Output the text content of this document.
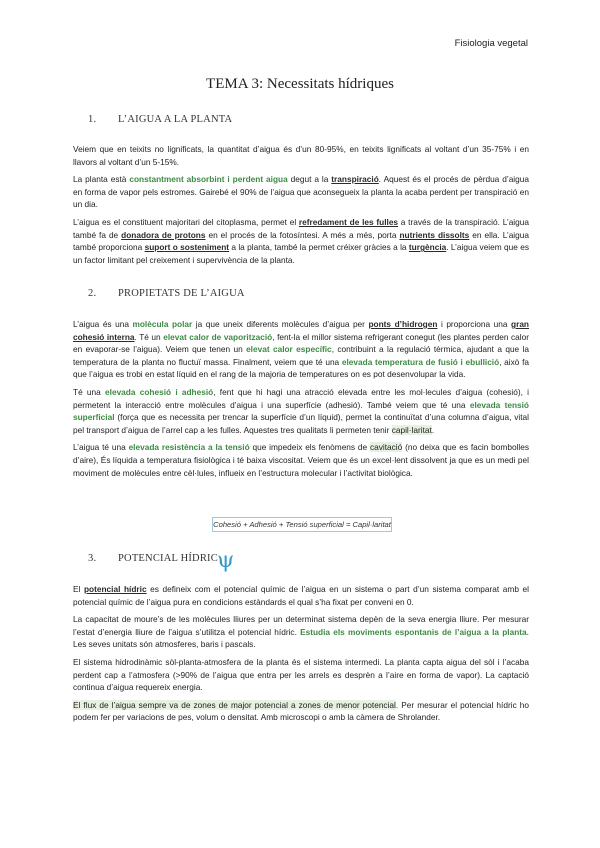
Fisiologia vegetal
TEMA 3: Necessitats hídriques
1. L’AIGUA A LA PLANTA

Veiem que en teixits no lignificats, la quantitat d’aigua és d’un 80-95%, en teixits lignificats al voltant d’un 35-75% i en llavors al voltant d’un 5-15%.

La planta està constantment absorbint i perdent aigua degut a la transpiració. Aquest és el procés de pèrdua d’aigua en forma de vapor pels estromes. Gairebé el 90% de l’aigua que aconsegueix la planta la acaba perdent per transpiració en un dia.

L’aigua es el constituent majoritari del citoplasma, permet el refredament de les fulles a través de la transpiració. L’aigua també fa de donadora de protons en el procés de la fotosíntesi. A més a més, porta nutrients dissolts en ella. L’aigua també proporciona suport o sosteniment a la planta, també la permet créixer gràcies a la turgència. L’aigua veiem que es un factor limitant pel creixement i supervivència de la planta.

2. PROPIETATS DE L’AIGUA

L’aigua és una molècula polar ja que uneix diferents molècules d’aigua per ponts d’hidrogen i proporciona una gran cohesió interna. Té un elevat calor de vaporització, fent-la el millor sistema refrigerant conegut (les plantes perden calor en evaporar-se l’aigua). Veiem que tenen un elevat calor específic, contribuint a la regulació tèrmica, ajudant a que la temperatura de la planta no fluctuï massa. Finalment, veiem que té una elevada temperatura de fusió i ebullició, això fa que l’aigua es trobi en estat líquid en el rang de la majoria de temperatures on es pot desenvolupar la vida.

Té una elevada cohesió i adhesió, fent que hi hagi una atracció elevada entre les mol·lecules d’aigua (cohesió), i permetent la interacció entre molècules d’aigua i una superfície (adhesió). També veiem que té una elevada tensió superficial (força que es necessita per trencar la superfície d’un líquid), permet la continuïtat d’una columna d’aigua, vital pel transport d’aigua de l’arrel cap a les fulles. Aquestes tres qualitats li permeten tenir capil·laritat.

L’aigua té una elevada resistència a la tensió que impedeix els fenòmens de cavitació (no deixa que es facin bombolles d’aire), És líquida a temperatura fisiològica i té baixa viscositat. Veiem que és un excel·lent dissolvent ja que es un medi pel moviment de molècules entre cèl·lules, influeix en l’estructura molecular i l’activitat biològica.

Cohesió + Adhesió + Tensió superficial = Capil·laritat
3. POTENCIAL HÍDRIC ψ

El potencial hídric es defineix com el potencial químic de l’aigua en un sistema o part d’un sistema comparat amb el potencial químic de l’aigua pura en condicions estàndards el qual s’ha fixat per conveni en 0.

La capacitat de moure’s de les molècules lliures per un determinat sistema depèn de la seva energia lliure. Per mesurar l’estat d’energia lliure de l’aigua s’utilitza el potencial hídric. Estudia els moviments espontanis de l’aigua a la planta. Les seves unitats són atmosferes, baris i pascals.

El sistema hidrodinàmic sòl-planta-atmosfera de la planta és el sistema intermedi. La planta capta aigua del sòl i l’acaba perdent cap a l’atmosfera (>90% de l’aigua que entra per les arrels es desprèn a l’aire en forma de vapor). La captació continua d’aigua requereix energia.

El flux de l’aigua sempre va de zones de major potencial a zones de menor potencial. Per mesurar el potencial hídric ho podem fer per variacions de pes, volum o densitat. Amb microscopi o amb la càmera de Shrolander.
